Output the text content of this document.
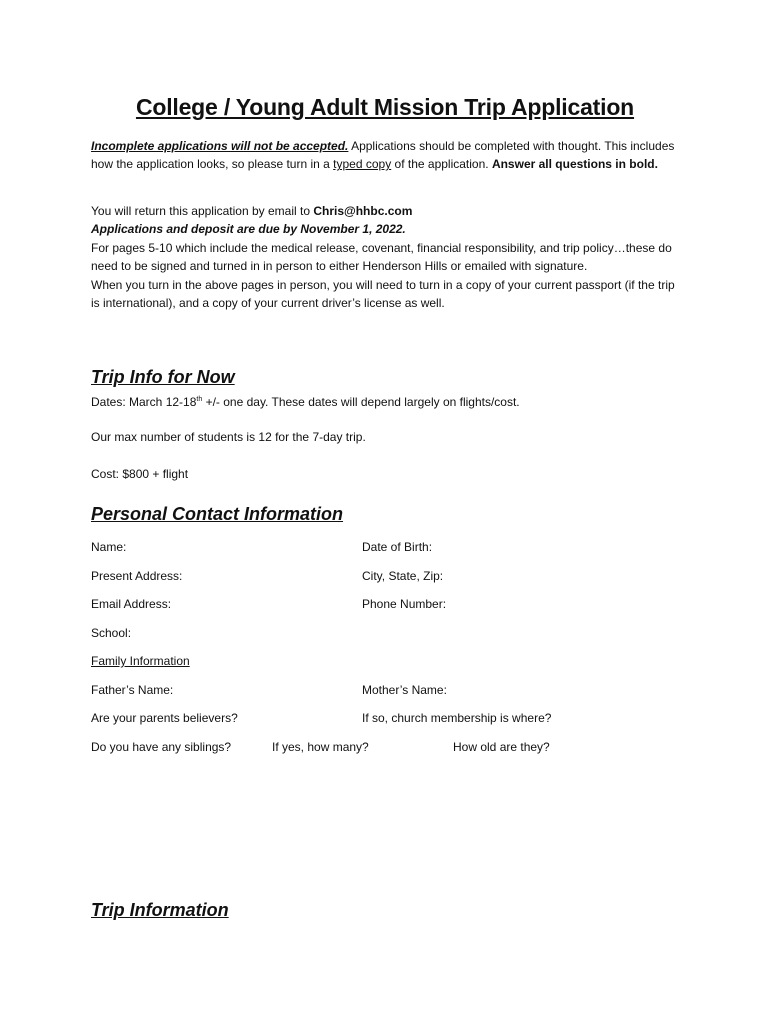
College / Young Adult Mission Trip Application
Incomplete applications will not be accepted. Applications should be completed with thought. This includes how the application looks, so please turn in a typed copy of the application. Answer all questions in bold.
You will return this application by email to Chris@hhbc.com
Applications and deposit are due by November 1, 2022.
For pages 5-10 which include the medical release, covenant, financial responsibility, and trip policy…these do need to be signed and turned in in person to either Henderson Hills or emailed with signature.
When you turn in the above pages in person, you will need to turn in a copy of your current passport (if the trip is international), and a copy of your current driver’s license as well.
Trip Info for Now
Dates: March 12-18th +/- one day. These dates will depend largely on flights/cost.
Our max number of students is 12 for the 7-day trip.
Cost: $800 + flight
Personal Contact Information
Name:	Date of Birth:
Present Address:	City, State, Zip:
Email Address:	Phone Number:
School:
Family Information
Father’s Name:	Mother’s Name:
Are your parents believers?	If so, church membership is where?
Do you have any siblings?	If yes, how many?	How old are they?
Trip Information
